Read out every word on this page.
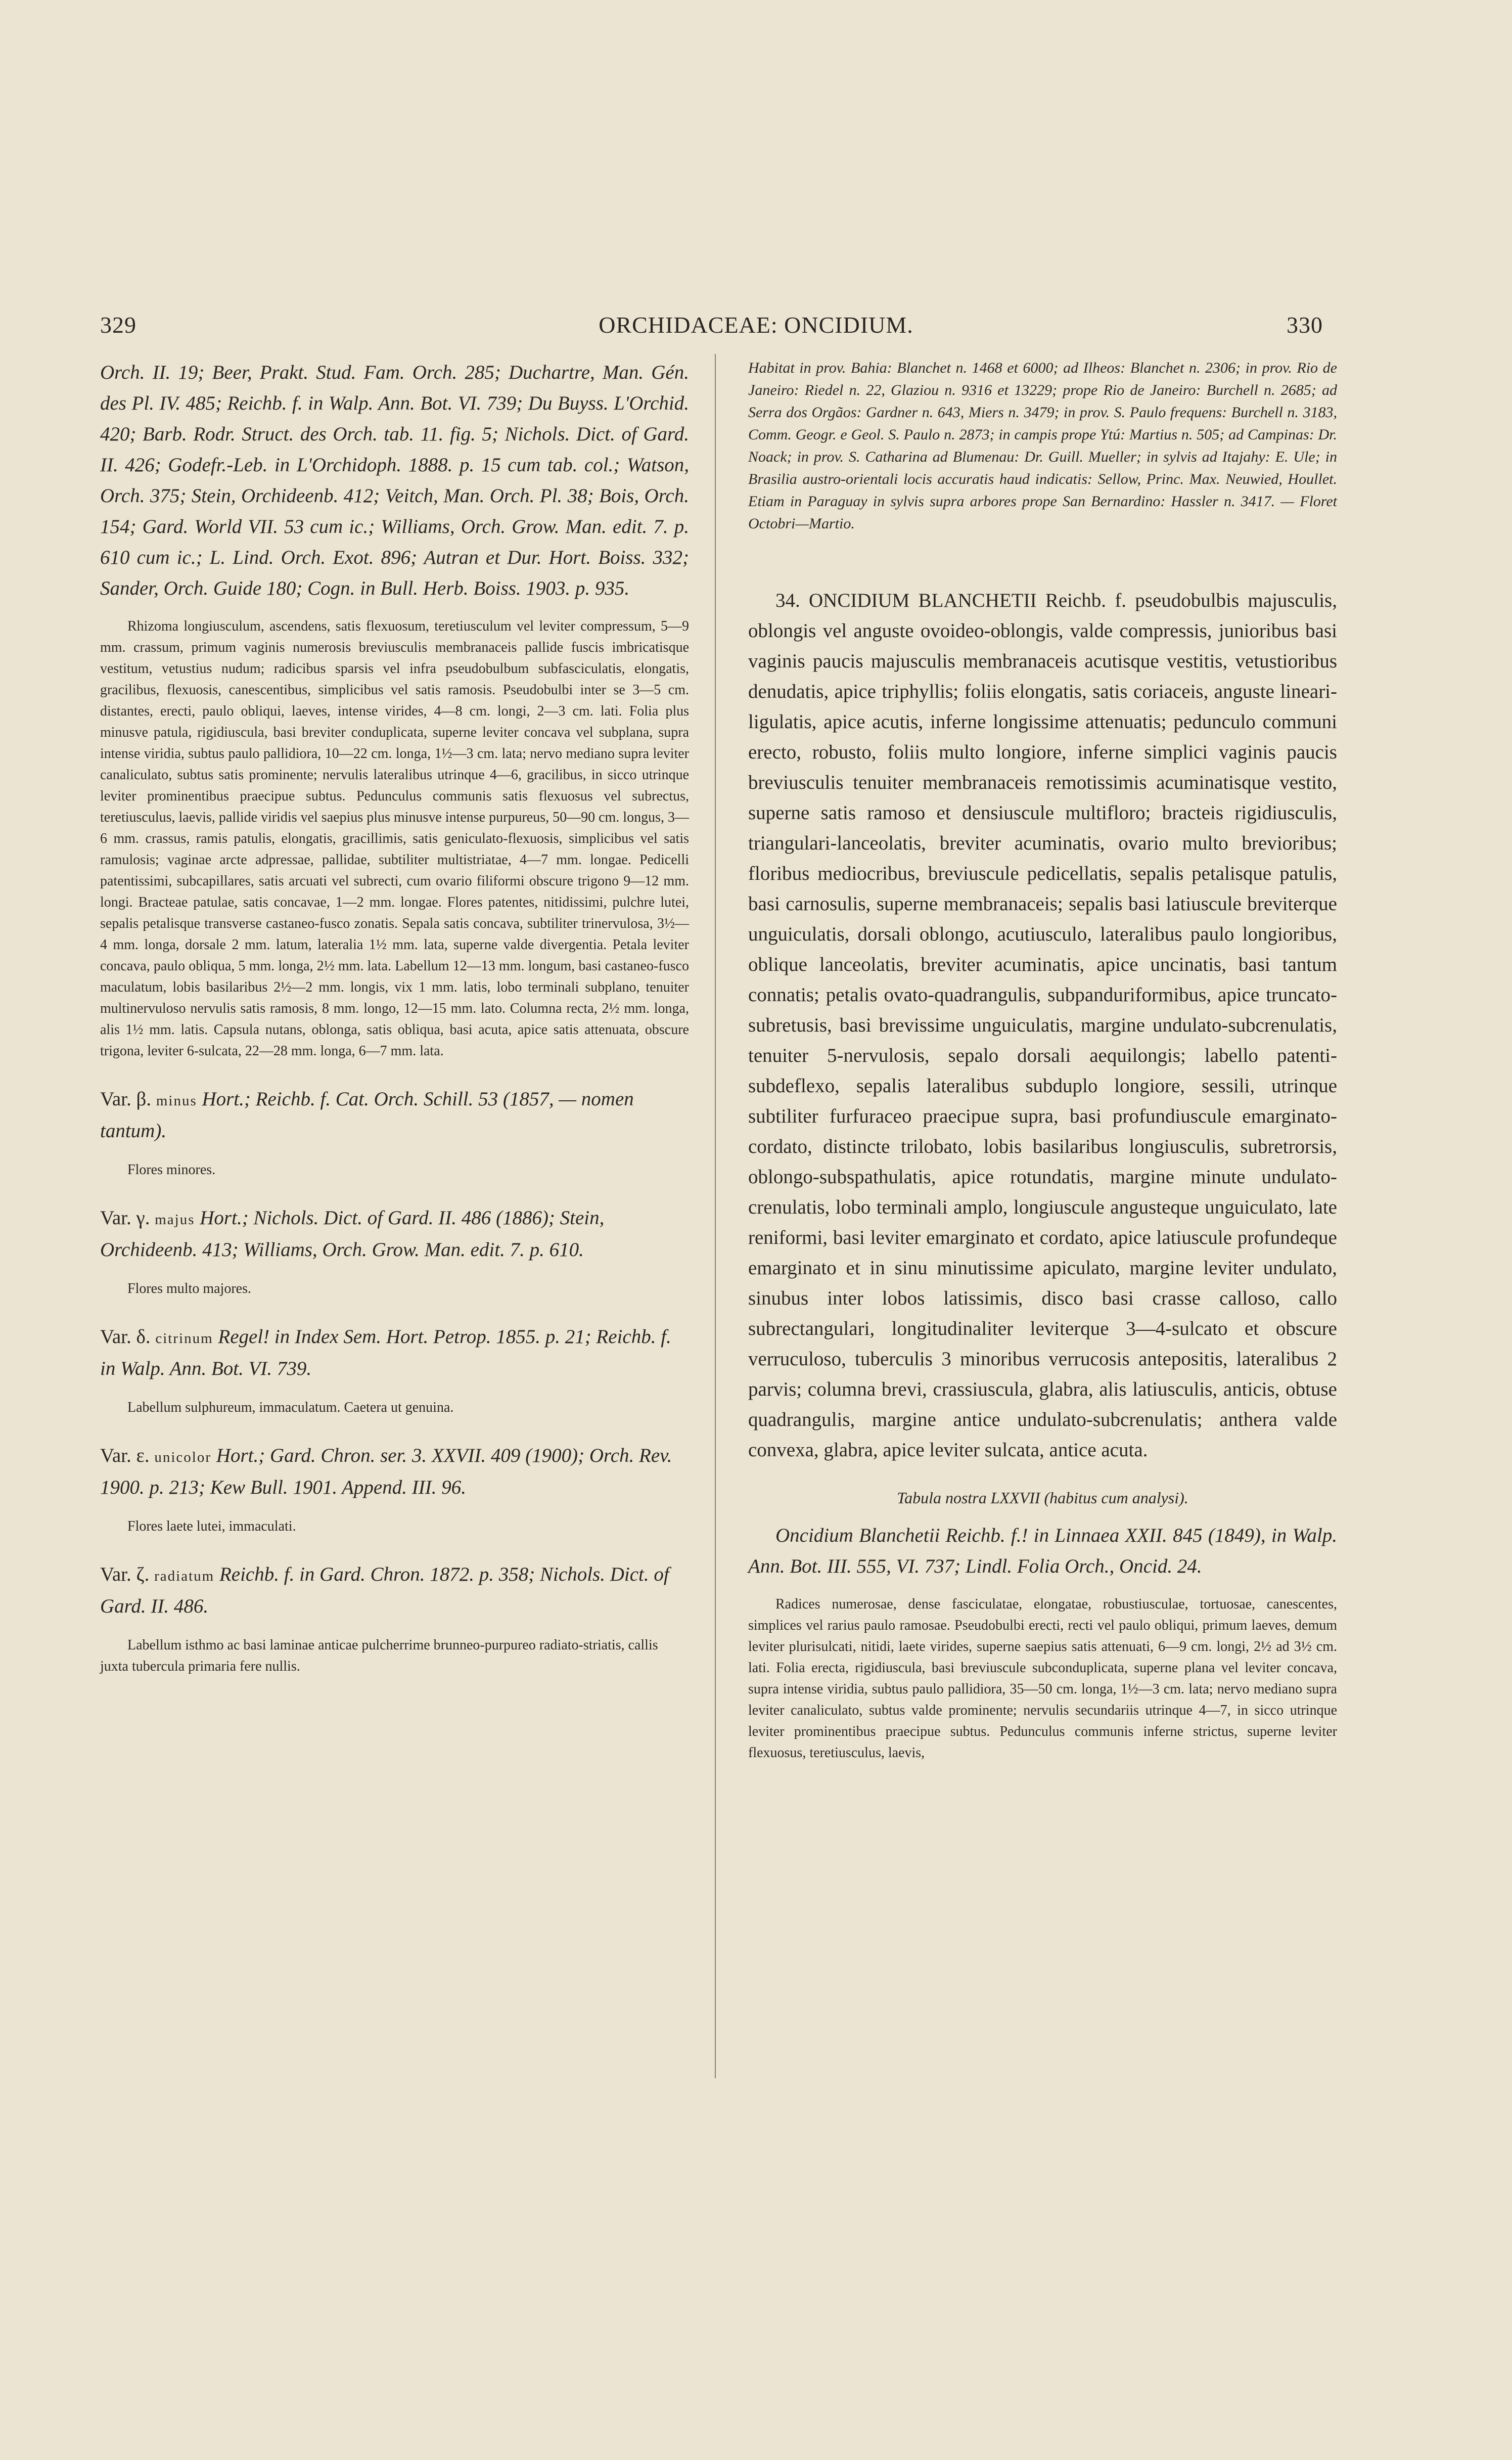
329	ORCHIDACEAE: ONCIDIUM.	330

Orch. II. 19; Beer, Prakt. Stud. Fam. Orch. 285; Duchartre, Man. Gén. des Pl. IV. 485; Reichb. f. in Walp. Ann. Bot. VI. 739; Du Buyss. L'Orchid. 420; Barb. Rodr. Struct. des Orch. tab. 11. fig. 5; Nichols. Dict. of Gard. II. 426; Godefr.-Leb. in L'Orchidoph. 1888. p. 15 cum tab. col.; Watson, Orch. 375; Stein, Orchideenb. 412; Veitch, Man. Orch. Pl. 38; Bois, Orch. 154; Gard. World VII. 53 cum ic.; Williams, Orch. Grow. Man. edit. 7. p. 610 cum ic.; L. Lind. Orch. Exot. 896; Autran et Dur. Hort. Boiss. 332; Sander, Orch. Guide 180; Cogn. in Bull. Herb. Boiss. 1903. p. 935.

Rhizoma longiusculum, ascendens, satis flexuosum, teretiusculum vel leviter compressum, 5—9 mm. crassum, primum vaginis numerosis breviusculis membranaceis pallide fuscis imbricatisque vestitum, vetustius nudum; radicibus sparsis vel infra pseudobulbum subfasciculatis, elongatis, gracilibus, flexuosis, canescentibus, simplicibus vel satis ramosis. Pseudobulbi inter se 3—5 cm. distantes, erecti, paulo obliqui, laeves, intense virides, 4—8 cm. longi, 2—3 cm. lati. Folia plus minusve patula, rigidiuscula, basi breviter conduplicata, superne leviter concava vel subplana, supra intense viridia, subtus paulo pallidiora, 10—22 cm. longa, 1½—3 cm. lata; nervo mediano supra leviter canaliculato, subtus satis prominente; nervulis lateralibus utrinque 4—6, gracilibus, in sicco utrinque leviter prominentibus praecipue subtus. Pedunculus communis satis flexuosus vel subrectus, teretiusculus, laevis, pallide viridis vel saepius plus minusve intense purpureus, 50—90 cm. longus, 3—6 mm. crassus, ramis patulis, elongatis, gracillimis, satis geniculato-flexuosis, simplicibus vel satis ramulosis; vaginae arcte adpressae, pallidae, subtiliter multistriatae, 4—7 mm. longae. Pedicelli patentissimi, subcapillares, satis arcuati vel subrecti, cum ovario filiformi obscure trigono 9—12 mm. longi. Bracteae patulae, satis concavae, 1—2 mm. longae. Flores patentes, nitidissimi, pulchre lutei, sepalis petalisque transverse castaneo-fusco zonatis. Sepala satis concava, subtiliter trinervulosa, 3½—4 mm. longa, dorsale 2 mm. latum, lateralia 1½ mm. lata, superne valde divergentia. Petala leviter concava, paulo obliqua, 5 mm. longa, 2½ mm. lata. Labellum 12—13 mm. longum, basi castaneo-fusco maculatum, lobis basilaribus 2½—2 mm. longis, vix 1 mm. latis, lobo terminali subplano, tenuiter multinervuloso nervulis satis ramosis, 8 mm. longo, 12—15 mm. lato. Columna recta, 2½ mm. longa, alis 1½ mm. latis. Capsula nutans, oblonga, satis obliqua, basi acuta, apice satis attenuata, obscure trigona, leviter 6-sulcata, 22—28 mm. longa, 6—7 mm. lata.

Var. β. minus Hort.; Reichb. f. Cat. Orch. Schill. 53 (1857, — nomen tantum).

Flores minores.

Var. γ. majus Hort.; Nichols. Dict. of Gard. II. 486 (1886); Stein, Orchideenb. 413; Williams, Orch. Grow. Man. edit. 7. p. 610.

Flores multo majores.

Var. δ. citrinum Regel! in Index Sem. Hort. Petrop. 1855. p. 21; Reichb. f. in Walp. Ann. Bot. VI. 739.

Labellum sulphureum, immaculatum. Caetera ut genuina.

Var. ε. unicolor Hort.; Gard. Chron. ser. 3. XXVII. 409 (1900); Orch. Rev. 1900. p. 213; Kew Bull. 1901. Append. III. 96.

Flores laete lutei, immaculati.

Var. ζ. radiatum Reichb. f. in Gard. Chron. 1872. p. 358; Nichols. Dict. of Gard. II. 486.

Labellum isthmo ac basi laminae anticae pulcherrime brunneo-purpureo radiato-striatis, callis juxta tubercula primaria fere nullis.

Habitat in prov. Bahia: Blanchet n. 1468 et 6000; ad Ilheos: Blanchet n. 2306; in prov. Rio de Janeiro: Riedel n. 22, Glaziou n. 9316 et 13229; prope Rio de Janeiro: Burchell n. 2685; ad Serra dos Orgãos: Gardner n. 643, Miers n. 3479; in prov. S. Paulo frequens: Burchell n. 3183, Comm. Geogr. e Geol. S. Paulo n. 2873; in campis prope Ytú: Martius n. 505; ad Campinas: Dr. Noack; in prov. S. Catharina ad Blumenau: Dr. Guill. Mueller; in sylvis ad Itajahy: E. Ule; in Brasilia austro-orientali locis accuratis haud indicatis: Sellow, Princ. Max. Neuwied, Houllet. Etiam in Paraguay in sylvis supra arbores prope San Bernardino: Hassler n. 3417. — Floret Octobri—Martio.

34. ONCIDIUM BLANCHETII Reichb. f. pseudobulbis majusculis, oblongis vel anguste ovoideo-oblongis, valde compressis, junioribus basi vaginis paucis majusculis membranaceis acutisque vestitis, vetustioribus denudatis, apice triphyllis; foliis elongatis, satis coriaceis, anguste lineari-ligulatis, apice acutis, inferne longissime attenuatis; pedunculo communi erecto, robusto, foliis multo longiore, inferne simplici vaginis paucis breviusculis tenuiter membranaceis remotissimis acuminatisque vestito, superne satis ramoso et densiuscule multifloro; bracteis rigidiusculis, triangulari-lanceolatis, breviter acuminatis, ovario multo brevioribus; floribus mediocribus, breviuscule pedicellatis, sepalis petalisque patulis, basi carnosulis, superne membranaceis; sepalis basi latiuscule breviterque unguiculatis, dorsali oblongo, acutiusculo, lateralibus paulo longioribus, oblique lanceolatis, breviter acuminatis, apice uncinatis, basi tantum connatis; petalis ovato-quadrangulis, subpanduriformibus, apice truncato-subretusis, basi brevissime unguiculatis, margine undulato-subcrenulatis, tenuiter 5-nervulosis, sepalo dorsali aequilongis; labello patenti-subdeflexo, sepalis lateralibus subduplo longiore, sessili, utrinque subtiliter furfuraceo praecipue supra, basi profundiuscule emarginato-cordato, distincte trilobato, lobis basilaribus longiusculis, subretrorsis, oblongo-subspathulatis, apice rotundatis, margine minute undulato-crenulatis, lobo terminali amplo, longiuscule angusteque unguiculato, late reniformi, basi leviter emarginato et cordato, apice latiuscule profundeque emarginato et in sinu minutissime apiculato, margine leviter undulato, sinubus inter lobos latissimis, disco basi crasse calloso, callo subrectangulari, longitudinaliter leviterque 3—4-sulcato et obscure verruculoso, tuberculis 3 minoribus verrucosis antepositis, lateralibus 2 parvis; columna brevi, crassiuscula, glabra, alis latiusculis, anticis, obtuse quadrangulis, margine antice undulato-subcrenulatis; anthera valde convexa, glabra, apice leviter sulcata, antice acuta.

Tabula nostra LXXVII (habitus cum analysi).

Oncidium Blanchetii Reichb. f.! in Linnaea XXII. 845 (1849), in Walp. Ann. Bot. III. 555, VI. 737; Lindl. Folia Orch., Oncid. 24.

Radices numerosae, dense fasciculatae, elongatae, robustiusculae, tortuosae, canescentes, simplices vel rarius paulo ramosae. Pseudobulbi erecti, recti vel paulo obliqui, primum laeves, demum leviter plurisulcati, nitidi, laete virides, superne saepius satis attenuati, 6—9 cm. longi, 2½ ad 3½ cm. lati. Folia erecta, rigidiuscula, basi breviuscule subconduplicata, superne plana vel leviter concava, supra intense viridia, subtus paulo pallidiora, 35—50 cm. longa, 1½—3 cm. lata; nervo mediano supra leviter canaliculato, subtus valde prominente; nervulis secundariis utrinque 4—7, in sicco utrinque leviter prominentibus praecipue subtus. Pedunculus communis inferne strictus, superne leviter flexuosus, teretiusculus, laevis,
